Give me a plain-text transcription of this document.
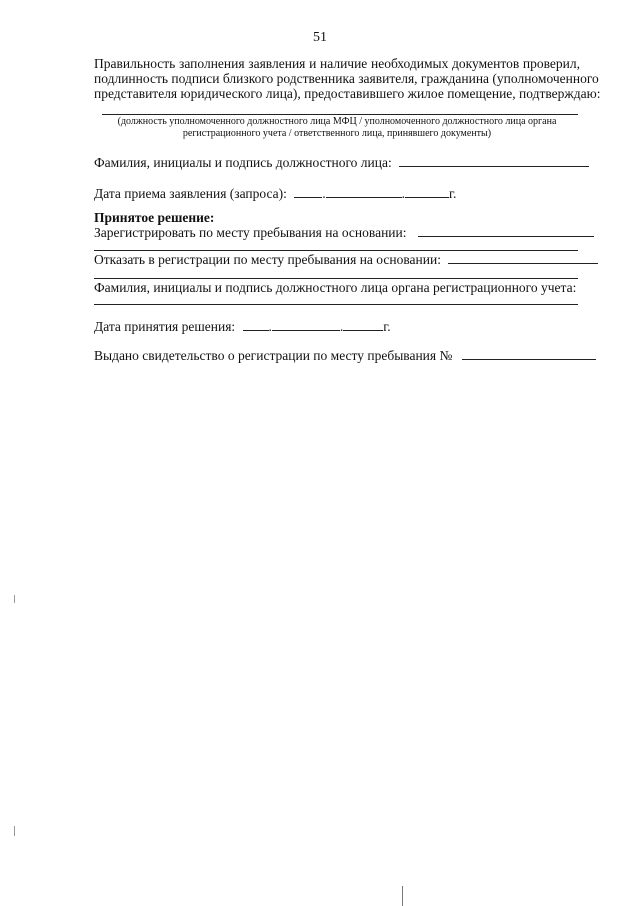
51
Правильность заполнения заявления и наличие необходимых документов проверил,
подлинность подписи близкого родственника заявителя, гражданина (уполномоченного
представителя юридического лица), предоставившего жилое помещение, подтверждаю:
(должность уполномоченного должностного лица МФЦ / уполномоченного должностного лица органа
регистрационного учета / ответственного лица, принявшего документы)
Фамилия, инициалы и подпись должностного лица:
Дата приема заявления (запроса):	.	.	г.
Принятое решение:
Зарегистрировать по месту пребывания на основании:
Отказать в регистрации по месту пребывания на основании:
Фамилия, инициалы и подпись должностного лица органа регистрационного учета:
Дата принятия решения: .	.	г.
Выдано свидетельство о регистрации по месту пребывания №
